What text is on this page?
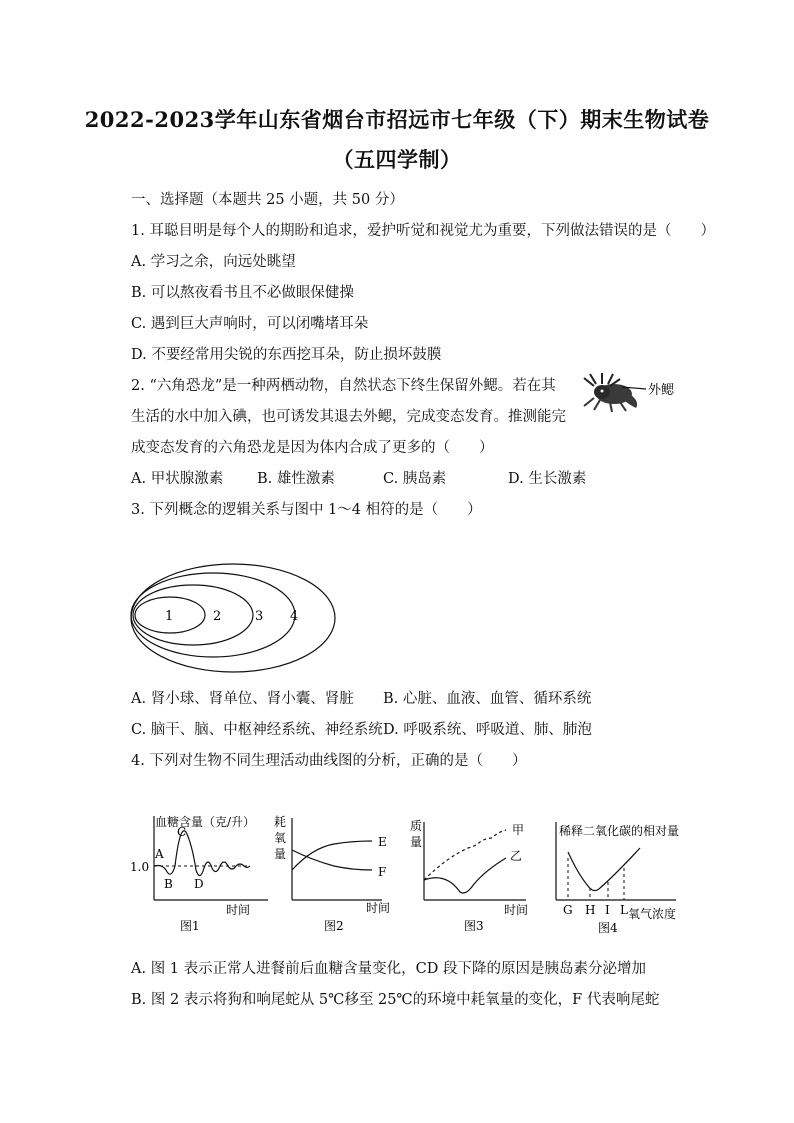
2022-2023学年山东省烟台市招远市七年级（下）期末生物试卷
（五四学制）
一、选择题（本题共 25 小题，共 50 分）
1. 耳聪目明是每个人的期盼和追求，爱护听觉和视觉尤为重要，下列做法错误的是（　　）
A. 学习之余，向远处眺望
B. 可以熬夜看书且不必做眼保健操
C. 遇到巨大声响时，可以闭嘴堵耳朵
D. 不要经常用尖锐的东西挖耳朵，防止损坏鼓膜
2. “六角恐龙”是一种两栖动物，自然状态下终生保留外鳃。若在其
生活的水中加入碘，也可诱发其退去外鳃，完成变态发育。推测能完
成变态发育的六角恐龙是因为体内合成了更多的（　　）
外鳃
A. 甲状腺激素 B. 雄性激素	C. 胰岛素	D. 生长激素
3. 下列概念的逻辑关系与图中 1～4 相符的是（　　）
1	2	3 4
A. 肾小球、肾单位、肾小囊、肾脏 B. 心脏、血液、血管、循环系统
C. 脑干、脑、中枢神经系统、神经系统 D. 呼吸系统、呼吸道、肺、肺泡
4. 下列对生物不同生理活动曲线图的分析，正确的是（　　）
血糖含量（克/升）
1.0
A
B
C
D
时间
图1
耗
氧
量
E
F
时间
图2
质
量
甲
乙
时间
图3
稀释二氧化碳的相对量
G H I L 氧气浓度
图4
A. 图 1 表示正常人进餐前后血糖含量变化，CD 段下降的原因是胰岛素分泌增加
B. 图 2 表示将狗和响尾蛇从 5℃移至 25℃的环境中耗氧量的变化，F 代表响尾蛇
